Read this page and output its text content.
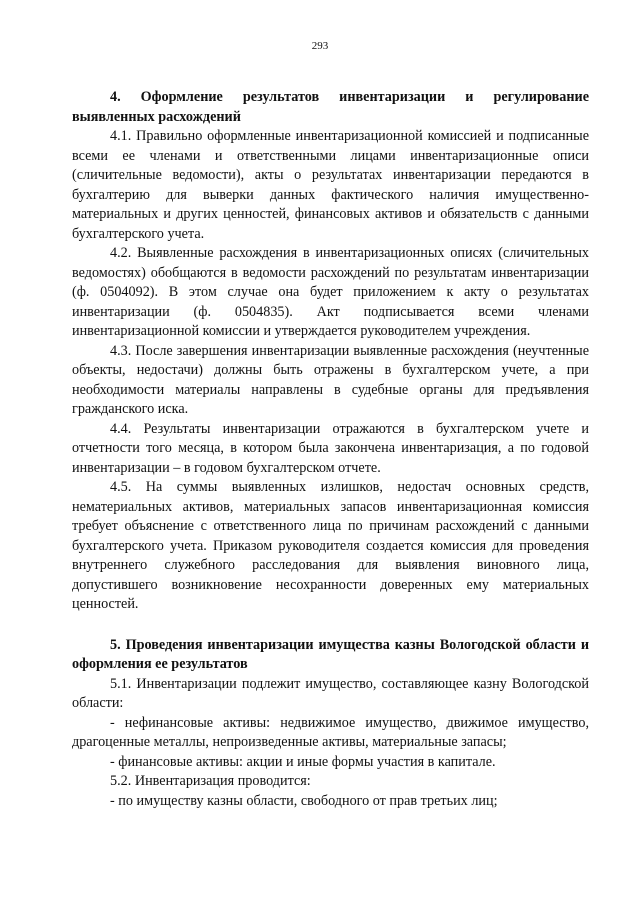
293
4. Оформление результатов инвентаризации и регулирование выявленных расхождений

4.1. Правильно оформленные инвентаризационной комиссией и подписанные всеми ее членами и ответственными лицами инвентаризационные описи (сличительные ведомости), акты о результатах инвентаризации передаются в бухгалтерию для выверки данных фактического наличия имущественно-материальных и других ценностей, финансовых активов и обязательств с данными бухгалтерского учета.

4.2. Выявленные расхождения в инвентаризационных описях (сличительных ведомостях) обобщаются в ведомости расхождений по результатам инвентаризации (ф. 0504092). В этом случае она будет приложением к акту о результатах инвентаризации (ф. 0504835). Акт подписывается всеми членами инвентаризационной комиссии и утверждается руководителем учреждения.

4.3. После завершения инвентаризации выявленные расхождения (неучтенные объекты, недостачи) должны быть отражены в бухгалтерском учете, а при необходимости материалы направлены в судебные органы для предъявления гражданского иска.

4.4. Результаты инвентаризации отражаются в бухгалтерском учете и отчетности того месяца, в котором была закончена инвентаризация, а по годовой инвентаризации – в годовом бухгалтерском отчете.

4.5. На суммы выявленных излишков, недостач основных средств, нематериальных активов, материальных запасов инвентаризационная комиссия требует объяснение с ответственного лица по причинам расхождений с данными бухгалтерского учета. Приказом руководителя создается комиссия для проведения внутреннего служебного расследования для выявления виновного лица, допустившего возникновение несохранности доверенных ему материальных ценностей.

5. Проведения инвентаризации имущества казны Вологодской области и оформления ее результатов

5.1. Инвентаризации подлежит имущество, составляющее казну Вологодской области:

- нефинансовые активы: недвижимое имущество, движимое имущество, драгоценные металлы, непроизведенные активы, материальные запасы;

- финансовые активы: акции и иные формы участия в капитале.

5.2. Инвентаризация проводится:

- по имуществу казны области, свободного от прав третьих лиц;
